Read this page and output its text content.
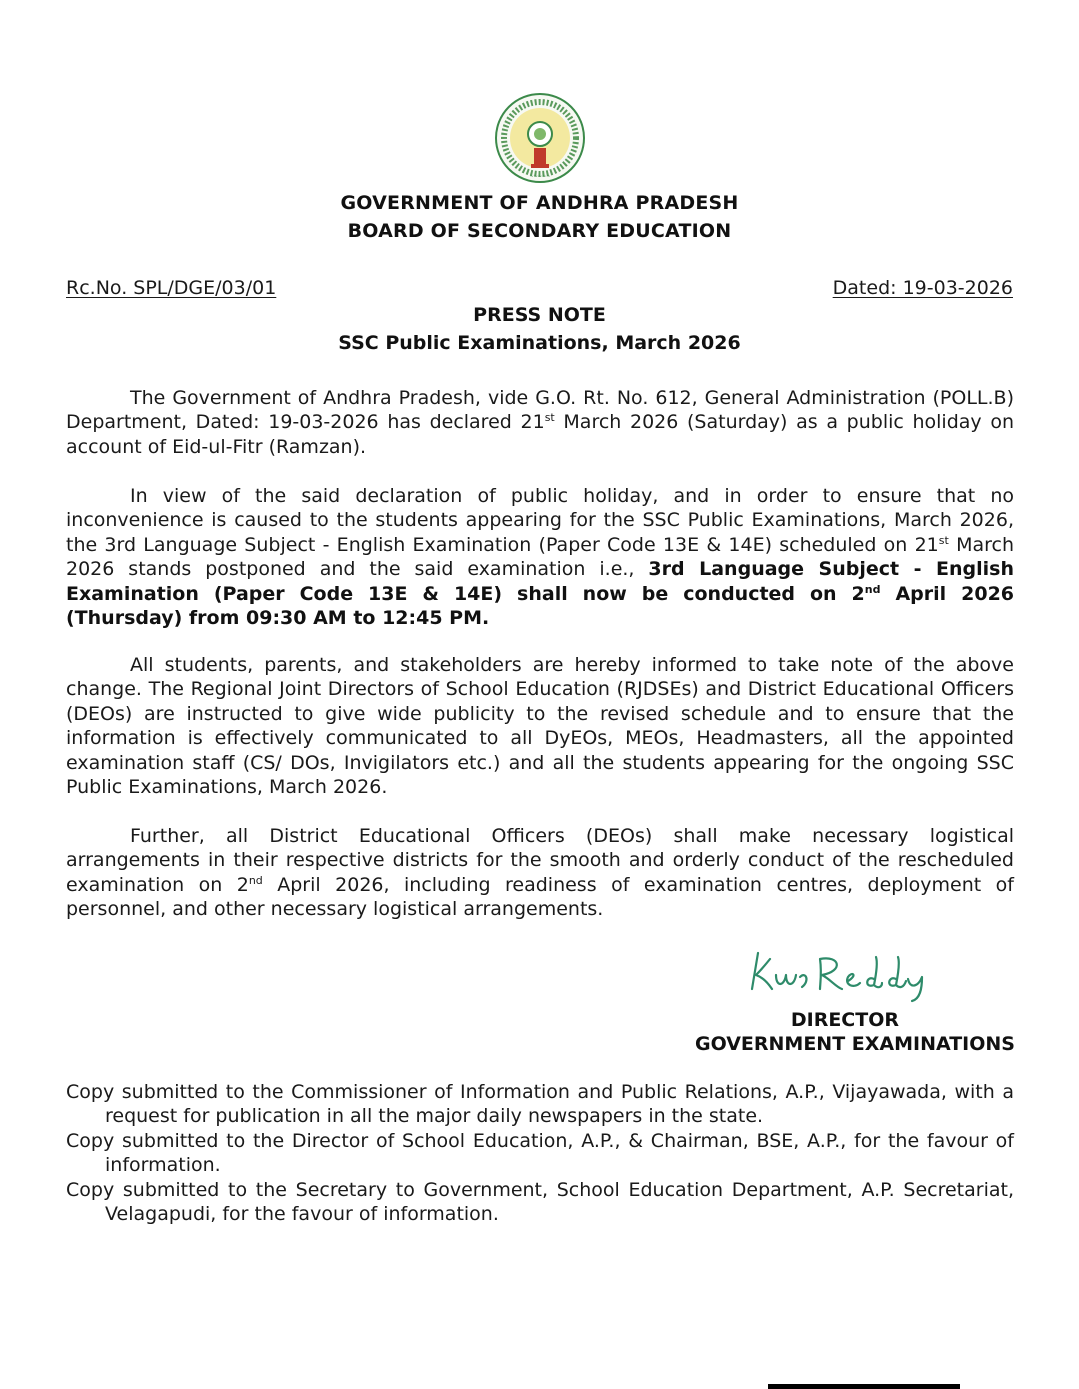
~~~~~
GOVERNMENT OF ANDHRA PRADESH
BOARD OF SECONDARY EDUCATION
Rc.No. SPL/DGE/03/01	Dated: 19-03-2026
PRESS NOTE
SSC Public Examinations, March 2026
The Government of Andhra Pradesh, vide G.O. Rt. No. 612, General Administration (POLL.B) Department, Dated: 19-03-2026 has declared 21st March 2026 (Saturday) as a public holiday on account of Eid-ul-Fitr (Ramzan).
In view of the said declaration of public holiday, and in order to ensure that no inconvenience is caused to the students appearing for the SSC Public Examinations, March 2026, the 3rd Language Subject - English Examination (Paper Code 13E & 14E) scheduled on 21st March 2026 stands postponed and the said examination i.e., 3rd Language Subject - English Examination (Paper Code 13E & 14E) shall now be conducted on 2nd April 2026 (Thursday) from 09:30 AM to 12:45 PM.
All students, parents, and stakeholders are hereby informed to take note of the above change. The Regional Joint Directors of School Education (RJDSEs) and District Educational Officers (DEOs) are instructed to give wide publicity to the revised schedule and to ensure that the information is effectively communicated to all DyEOs, MEOs, Headmasters, all the appointed examination staff (CS/ DOs, Invigilators etc.) and all the students appearing for the ongoing SSC Public Examinations, March 2026.
Further, all District Educational Officers (DEOs) shall make necessary logistical arrangements in their respective districts for the smooth and orderly conduct of the rescheduled examination on 2nd April 2026, including readiness of examination centres, deployment of personnel, and other necessary logistical arrangements.
DIRECTOR
GOVERNMENT EXAMINATIONS
Copy submitted to the Commissioner of Information and Public Relations, A.P., Vijayawada, with a request for publication in all the major daily newspapers in the state.
Copy submitted to the Director of School Education, A.P., & Chairman, BSE, A.P., for the favour of information.
Copy submitted to the Secretary to Government, School Education Department, A.P. Secretariat, Velagapudi, for the favour of information.
